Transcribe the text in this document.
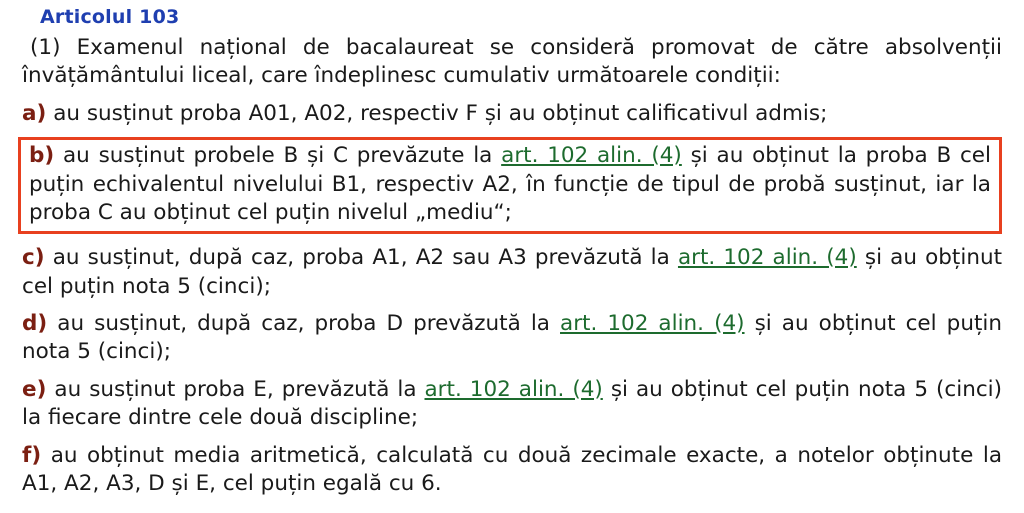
Articolul 103

(1) Examenul național de bacalaureat se consideră promovat de către absolvenții învățământului liceal, care îndeplinesc cumulativ următoarele condiții:

a) au susținut proba A01, A02, respectiv F și au obținut calificativul admis;

b) au susținut probele B și C prevăzute la art. 102 alin. (4) și au obținut la proba B cel puțin echivalentul nivelului B1, respectiv A2, în funcție de tipul de probă susținut, iar la proba C au obținut cel puțin nivelul „mediu“;

c) au susținut, după caz, proba A1, A2 sau A3 prevăzută la art. 102 alin. (4) și au obținut cel puțin nota 5 (cinci);

d) au susținut, după caz, proba D prevăzută la art. 102 alin. (4) și au obținut cel puțin nota 5 (cinci);

e) au susținut proba E, prevăzută la art. 102 alin. (4) și au obținut cel puțin nota 5 (cinci) la fiecare dintre cele două discipline;

f) au obținut media aritmetică, calculată cu două zecimale exacte, a notelor obținute la A1, A2, A3, D și E, cel puțin egală cu 6.
